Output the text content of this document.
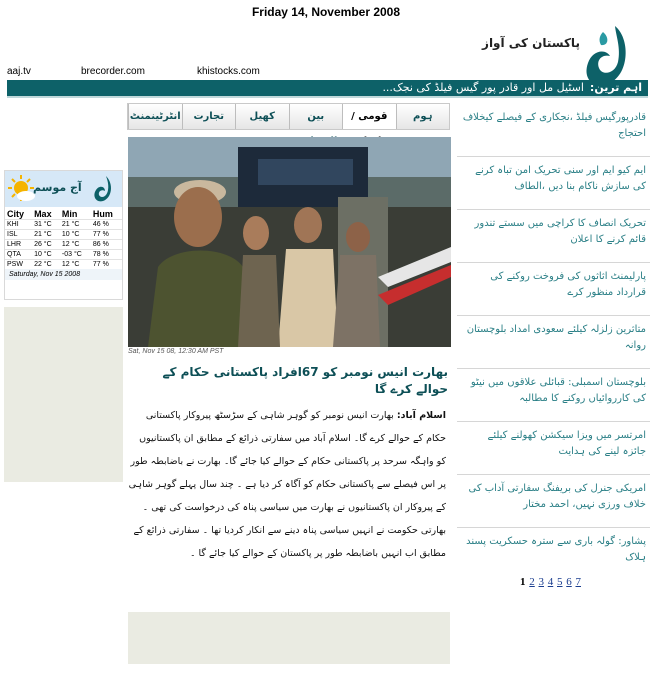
Friday 14, November 2008
پاکستان کی آواز
aaj.tv	brecorder.com	khistocks.com
اہم ترین:اسٹیل مل اور قادر پور گیس فیلڈ کی نجک...
ہوم
قومی /
بین
کھیل
تجارت
انٹرٹینمنٹ
آج موسم
City	Max	Min	Hum
KHI	31 °C	21 °C	46 %
ISL	21 °C	10 °C	77 %
LHR	26 °C	12 °C	86 %
QTA	10 °C	-03 °C	78 %
PSW	22 °C	12 °C	77 %
Saturday, Nov 15 2008
Sat, Nov 15 08, 12:30 AM PST
بھارت انیس نومبر کو 67افراد پاکستانی حکام کے حوالے کرے گا
اسلام آباد: بھارت انیس نومبر کو گوہر شاہی کے سڑسٹھ پیروکار پاکستانی حکام کے حوالے کرے گا۔ اسلام آباد میں سفارتی ذرائع کے مطابق ان پاکستانیوں کو واہگہ سرحد پر پاکستانی حکام کے حوالے کیا جائے گا۔ بھارت نے باضابطہ طور پر اس فیصلے سے پاکستانی حکام کو آگاہ کر دیا ہے ۔ چند سال پہلے گوہر شاہی کے پیروکار ان پاکستانیوں نے بھارت میں سیاسی پناہ کی درخواست کی تھی ۔ بھارتی حکومت نے انہیں سیاسی پناہ دینے سے انکار کردیا تھا ۔ سفارتی ذرائع کے مطابق اب انہیں باضابطہ طور پر پاکستان کے حوالے کیا جائے گا ۔
قادرپورگیس فیلڈ ،نجکاری کے فیصلے کیخلاف احتجاج
ایم کیو ایم اور سنی تحریک امن تباہ کرنے کی سازش ناکام بنا دیں ،الطاف
تحریک انصاف کا کراچی میں سستے تندور قائم کرنے کا اعلان
پارلیمنٹ اثاثوں کی فروخت روکنے کی قرارداد منظور کرے
متاثرین زلزلہ کیلئے سعودی امداد بلوچستان روانہ
بلوچستان اسمبلی: قبائلی علاقوں میں نیٹو کی کارروائیاں روکنے کا مطالبہ
امرتسر میں ویزا سیکشن کھولنے کیلئے جائزہ لینے کی ہدایت
امریکی جنرل کی بریفنگ سفارتی آداب کی خلاف ورزی نہیں، احمد مختار
پشاور: گولہ باری سے سترہ حسکریت پسند ہلاک
1 2 3 4 5 6 7
